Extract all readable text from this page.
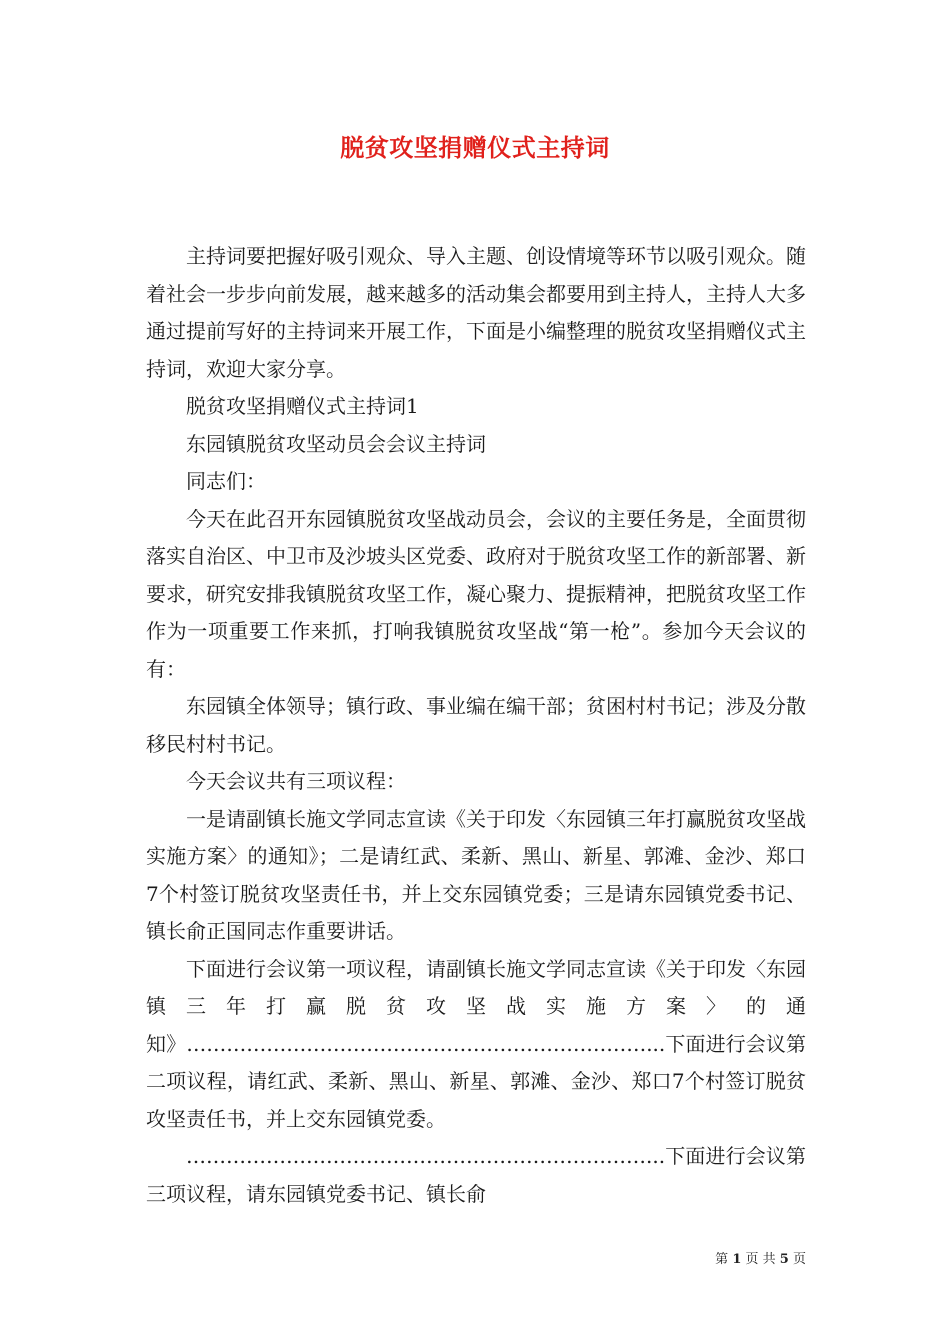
脱贫攻坚捐赠仪式主持词

主持词要把握好吸引观众、导入主题、创设情境等环节以吸引观众。随着社会一步步向前发展，越来越多的活动集会都要用到主持人，主持人大多通过提前写好的主持词来开展工作，下面是小编整理的脱贫攻坚捐赠仪式主持词，欢迎大家分享。

脱贫攻坚捐赠仪式主持词1

东园镇脱贫攻坚动员会会议主持词

同志们：

今天在此召开东园镇脱贫攻坚战动员会，会议的主要任务是，全面贯彻落实自治区、中卫市及沙坡头区党委、政府对于脱贫攻坚工作的新部署、新要求，研究安排我镇脱贫攻坚工作，凝心聚力、提振精神，把脱贫攻坚工作作为一项重要工作来抓，打响我镇脱贫攻坚战“第一枪”。参加今天会议的有：

东园镇全体领导；镇行政、事业编在编干部；贫困村村书记；涉及分散移民村村书记。

今天会议共有三项议程：

一是请副镇长施文学同志宣读《关于印发〈东园镇三年打赢脱贫攻坚战实施方案〉的通知》；二是请红武、柔新、黑山、新星、郭滩、金沙、郑口7个村签订脱贫攻坚责任书，并上交东园镇党委；三是请东园镇党委书记、镇长俞正国同志作重要讲话。

下面进行会议第一项议程，请副镇长施文学同志宣读《关于印发〈东园镇三年打赢脱贫攻坚战实施方案〉的通知》……………………………………………………………...下面进行会议第二项议程，请红武、柔新、黑山、新星、郭滩、金沙、郑口7个村签订脱贫攻坚责任书，并上交东园镇党委。

……………………………………………………………...下面进行会议第三项议程，请东园镇党委书记、镇长俞

第 1 页 共 5 页
